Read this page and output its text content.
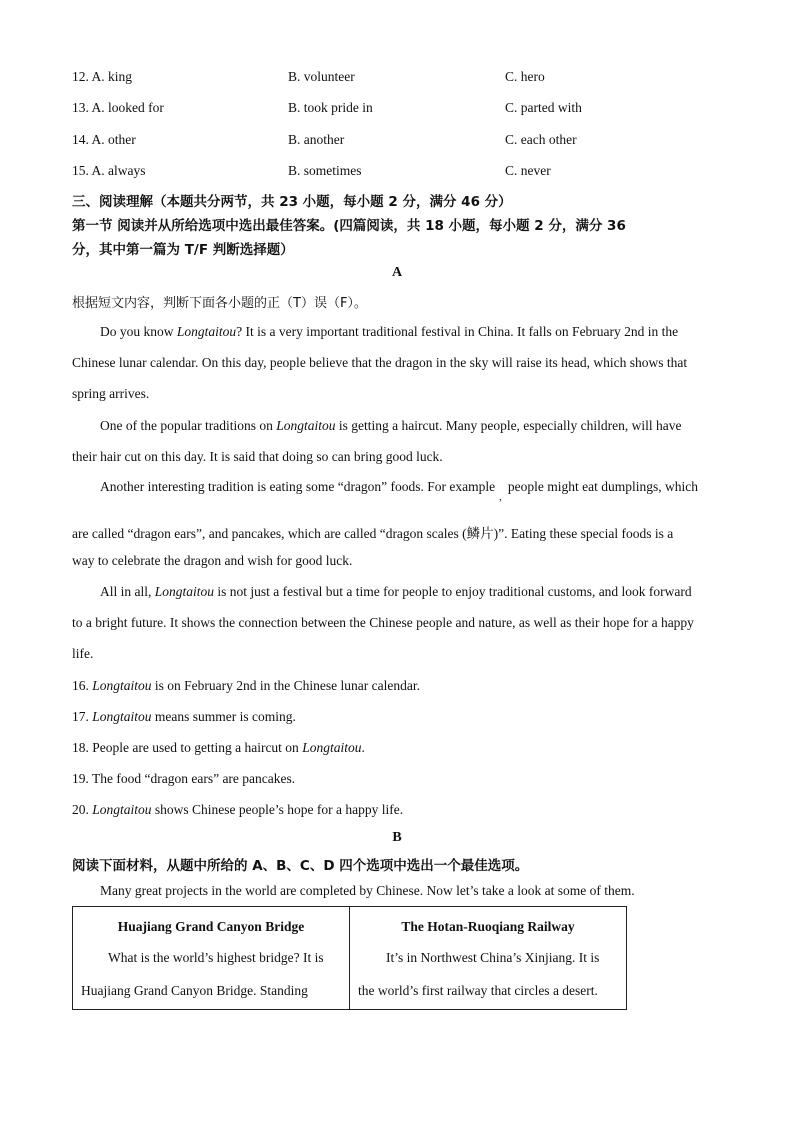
12. A. king	B. volunteer	C. hero
13. A. looked for	B. took pride in	C. parted with
14. A. other	B. another	C. each other
15. A. always	B. sometimes	C. never
三、阅读理解（本题共分两节，共 23 小题，每小题 2 分，满分 46 分）
第一节 阅读并从所给选项中选出最佳答案。(四篇阅读，共 18 小题，每小题 2 分，满分 36
分，其中第一篇为 T/F 判断选择题）
A
根据短文内容，判断下面各小题的正（T）误（F）。
Do you know Longtaitou? It is a very important traditional festival in China. It falls on February 2nd in the
Chinese lunar calendar. On this day, people believe that the dragon in the sky will raise its head, which shows that
spring arrives.
One of the popular traditions on Longtaitou is getting a haircut. Many people, especially children, will have
their hair cut on this day. It is said that doing so can bring good luck.
Another interesting tradition is eating some “dragon” foods. For example$_,$people might eat dumplings, which
are called “dragon ears”, and pancakes, which are called “dragon scales (鳞片)”. Eating these special foods is a
way to celebrate the dragon and wish for good luck.
All in all, Longtaitou is not just a festival but a time for people to enjoy traditional customs, and look forward
to a bright future. It shows the connection between the Chinese people and nature, as well as their hope for a happy
life.
16. Longtaitou is on February 2nd in the Chinese lunar calendar.
17. Longtaitou means summer is coming.
18. People are used to getting a haircut on Longtaitou.
19. The food “dragon ears” are pancakes.
20. Longtaitou shows Chinese people’s hope for a happy life.
B
阅读下面材料，从题中所给的 A、B、C、D 四个选项中选出一个最佳选项。
Many great projects in the world are completed by Chinese. Now let’s take a look at some of them.
Huajiang Grand Canyon Bridge
What is the world’s highest bridge? It is
Huajiang Grand Canyon Bridge. Standing
The Hotan-Ruoqiang Railway
It’s in Northwest China’s Xinjiang. It is
the world’s first railway that circles a desert.
